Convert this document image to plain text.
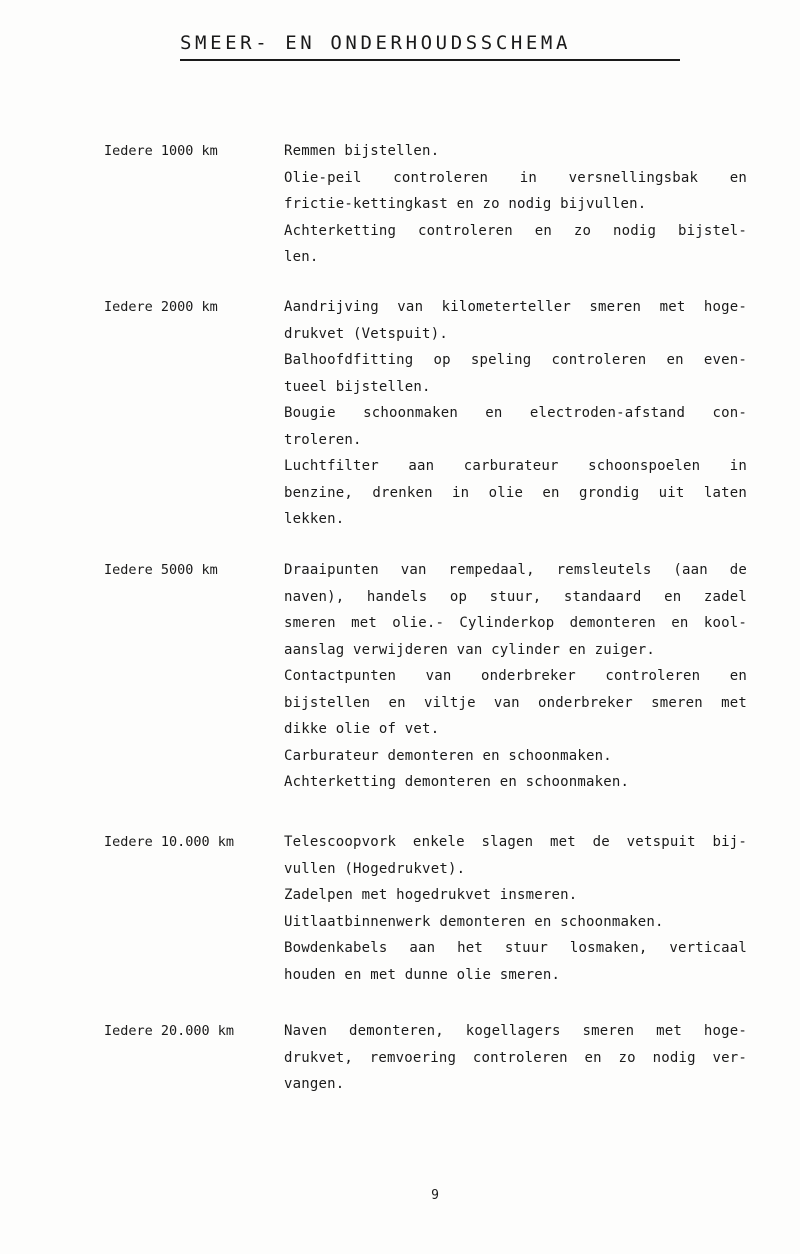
SMEER- EN ONDERHOUDSSCHEMA
Iedere 1000 km	Remmen bijstellen.
Olie-peil controleren in versnellingsbak en
frictie-kettingkast en zo nodig bijvullen.
Achterketting controleren en zo nodig bijstel-
len.
Iedere 2000 km	Aandrijving van kilometerteller smeren met hoge-
drukvet (Vetspuit).
Balhoofdfitting op speling controleren en even-
tueel bijstellen.
Bougie schoonmaken en electroden-afstand con-
troleren.
Luchtfilter aan carburateur schoonspoelen in
benzine, drenken in olie en grondig uit laten
lekken.
Iedere 5000 km	Draaipunten van rempedaal, remsleutels (aan de
naven), handels op stuur, standaard en zadel
smeren met olie.- Cylinderkop demonteren en kool-
aanslag verwijderen van cylinder en zuiger.
Contactpunten van onderbreker controleren en
bijstellen en viltje van onderbreker smeren met
dikke olie of vet.
Carburateur demonteren en schoonmaken.
Achterketting demonteren en schoonmaken.
Iedere 10.000 km	Telescoopvork enkele slagen met de vetspuit bij-
vullen (Hogedrukvet).
Zadelpen met hogedrukvet insmeren.
Uitlaatbinnenwerk demonteren en schoonmaken.
Bowdenkabels aan het stuur losmaken, verticaal
houden en met dunne olie smeren.
Iedere 20.000 km	Naven demonteren, kogellagers smeren met hoge-
drukvet, remvoering controleren en zo nodig ver-
vangen.
9
